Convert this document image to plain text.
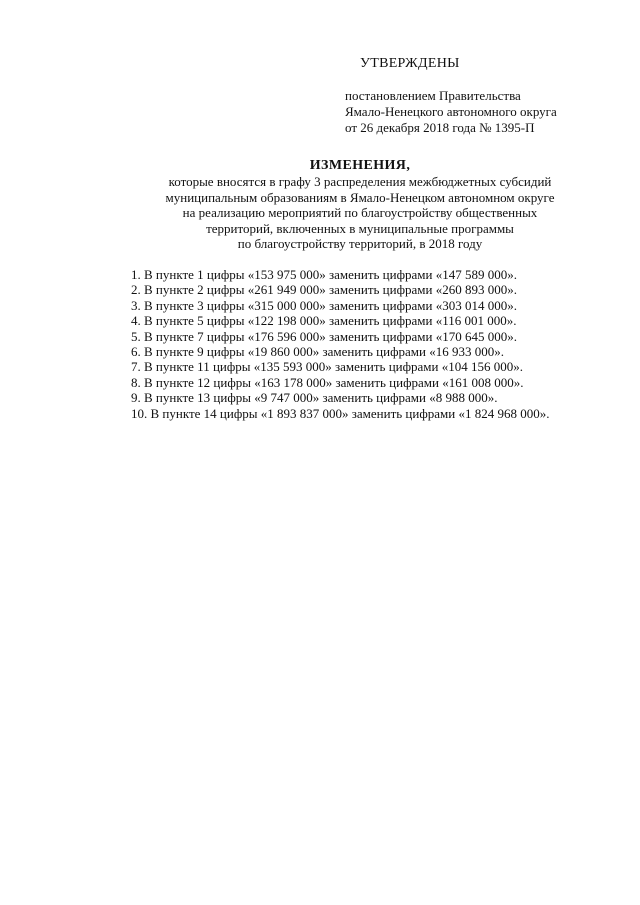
УТВЕРЖДЕНЫ

постановлением Правительства

Ямало-Ненецкого автономного округа

от 26 декабря 2018 года № 1395-П

ИЗМЕНЕНИЯ,

которые вносятся в графу 3 распределения межбюджетных субсидий

муниципальным образованиям в Ямало-Ненецком автономном округе

на реализацию мероприятий по благоустройству общественных

территорий, включенных в муниципальные программы

по благоустройству территорий, в 2018 году

1. В пункте 1 цифры «153 975 000» заменить цифрами «147 589 000».

2. В пункте 2 цифры «261 949 000» заменить цифрами «260 893 000».

3. В пункте 3 цифры «315 000 000» заменить цифрами «303 014 000».

4. В пункте 5 цифры «122 198 000» заменить цифрами «116 001 000».

5. В пункте 7 цифры «176 596 000» заменить цифрами «170 645 000».

6. В пункте 9 цифры «19 860 000» заменить цифрами «16 933 000».

7. В пункте 11 цифры «135 593 000» заменить цифрами «104 156 000».

8. В пункте 12 цифры «163 178 000» заменить цифрами «161 008 000».

9. В пункте 13 цифры «9 747 000» заменить цифрами «8 988 000».

10. В пункте 14 цифры «1 893 837 000» заменить цифрами «1 824 968 000».
